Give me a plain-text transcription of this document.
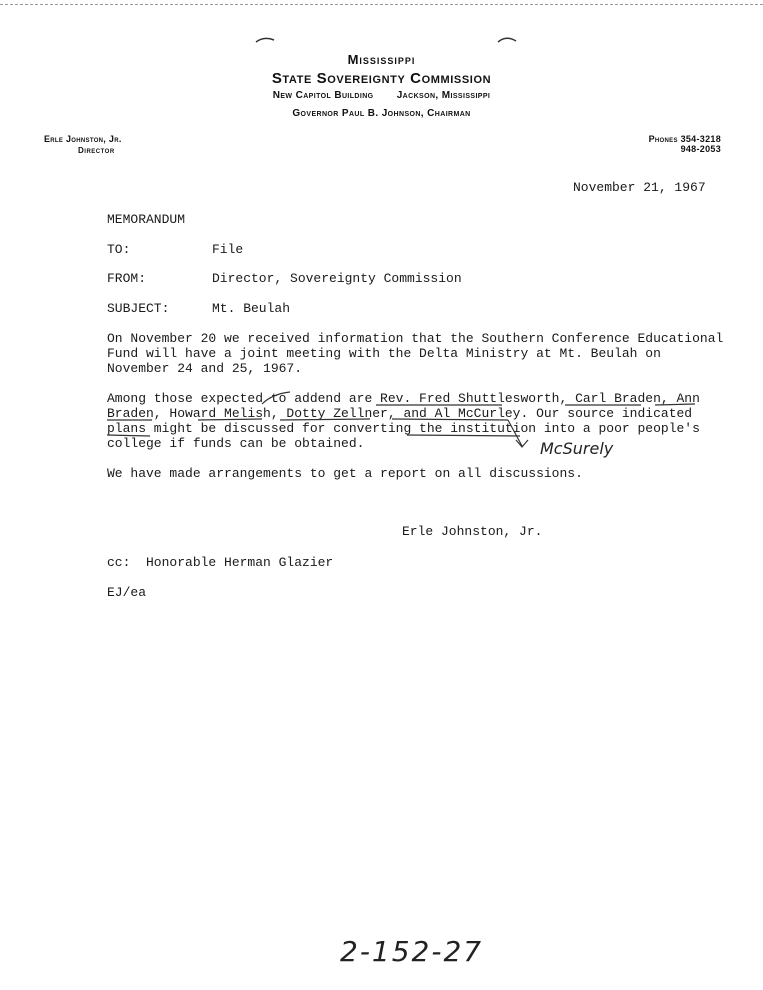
Mississippi
State Sovereignty Commission
New Capitol Building Jackson, Mississippi
Governor Paul B. Johnson, Chairman
Erle Johnston, Jr.
Director
Phones 354-3218
948-2053
November 21, 1967
MEMORANDUM
TO:	File
FROM:	Director, Sovereignty Commission
SUBJECT:	Mt. Beulah
On November 20 we received information that the Southern Conference Educational
Fund will have a joint meeting with the Delta Ministry at Mt. Beulah on
November 24 and 25, 1967.
Among those expected to addend are Rev. Fred Shuttlesworth, Carl Braden, Ann
Braden, Howard Melish, Dotty Zellner, and Al McCurley. Our source indicated
plans might be discussed for converting the institution into a poor people's
college if funds can be obtained.
We have made arrangements to get a report on all discussions.
Erle Johnston, Jr.
cc:  Honorable Herman Glazier
EJ/ea
McSurely
2-152-27
